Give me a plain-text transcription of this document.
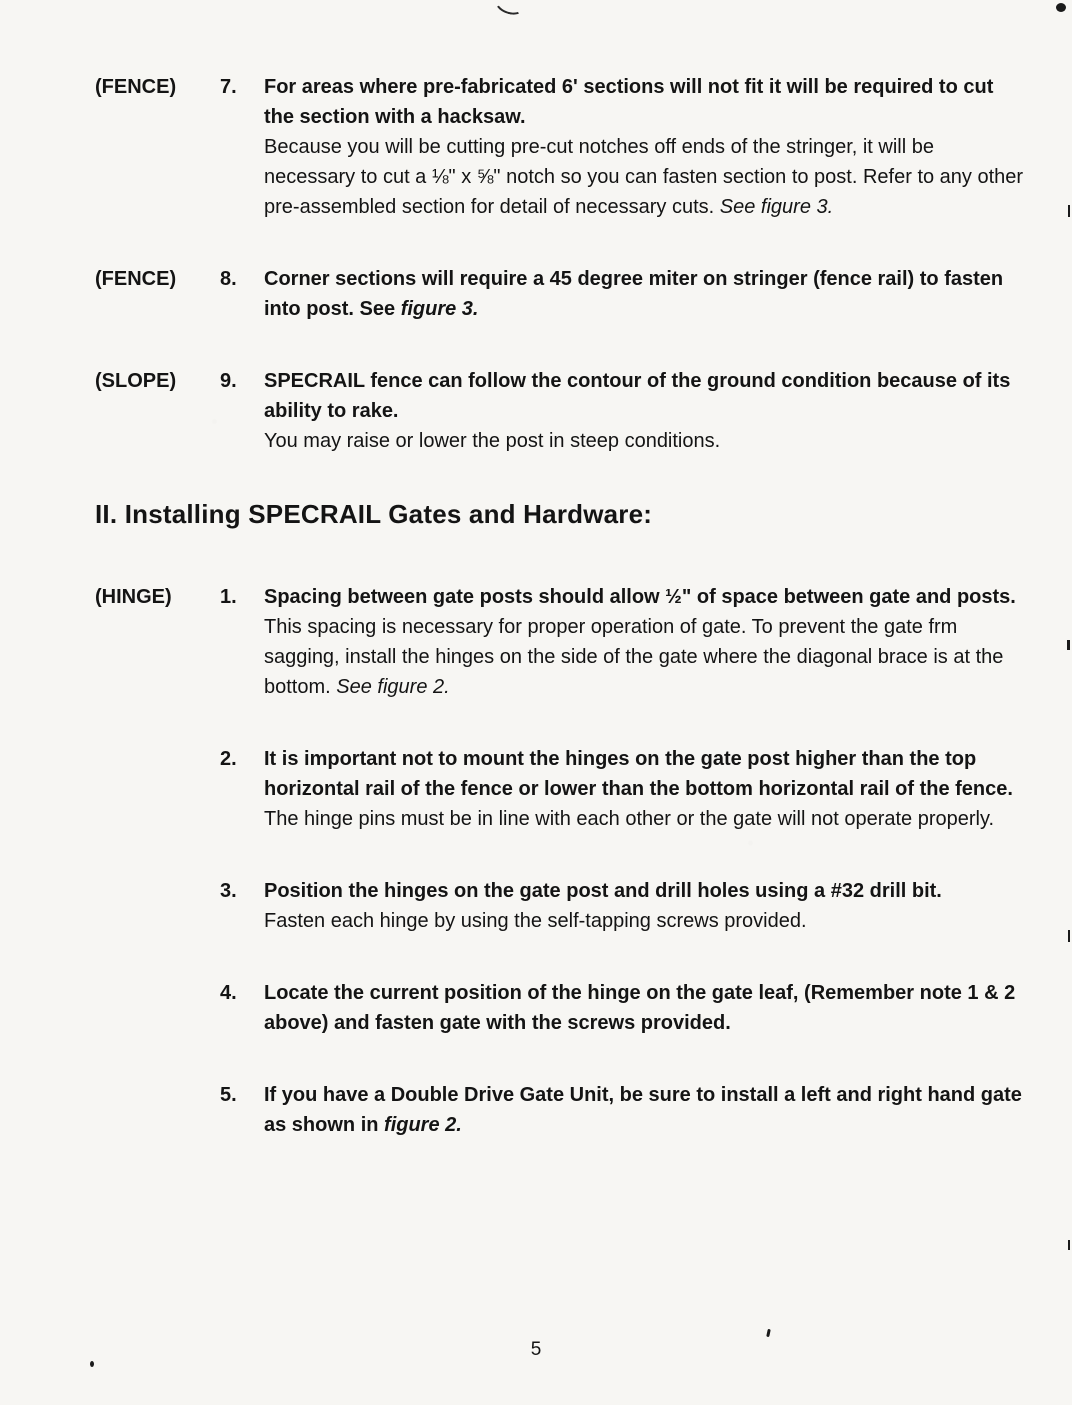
(FENCE)	7.	For areas where pre-fabricated 6' sections will not fit it will be required to cut the section with a hacksaw.
Because you will be cutting pre-cut notches off ends of the stringer, it will be necessary to cut a ⅛" x ⅝" notch so you can fasten section to post. Refer to any other pre-assembled section for detail of necessary cuts. See figure 3.
(FENCE)	8.	Corner sections will require a 45 degree miter on stringer (fence rail) to fasten into post. See figure 3.
(SLOPE)	9.	SPECRAIL fence can follow the contour of the ground condition because of its ability to rake.
You may raise or lower the post in steep conditions.
II. Installing SPECRAIL Gates and Hardware:
(HINGE)	1.	Spacing between gate posts should allow ½" of space between gate and posts.
This spacing is necessary for proper operation of gate. To prevent the gate frm sagging, install the hinges on the side of the gate where the diagonal brace is at the bottom. See figure 2.
2.	It is important not to mount the hinges on the gate post higher than the top horizontal rail of the fence or lower than the bottom horizontal rail of the fence.
The hinge pins must be in line with each other or the gate will not operate properly.
3.	Position the hinges on the gate post and drill holes using a #32 drill bit.
Fasten each hinge by using the self-tapping screws provided.
4.	Locate the current position of the hinge on the gate leaf, (Remember note 1 & 2 above) and fasten gate with the screws provided.
5.	If you have a Double Drive Gate Unit, be sure to install a left and right hand gate as shown in figure 2.
5
